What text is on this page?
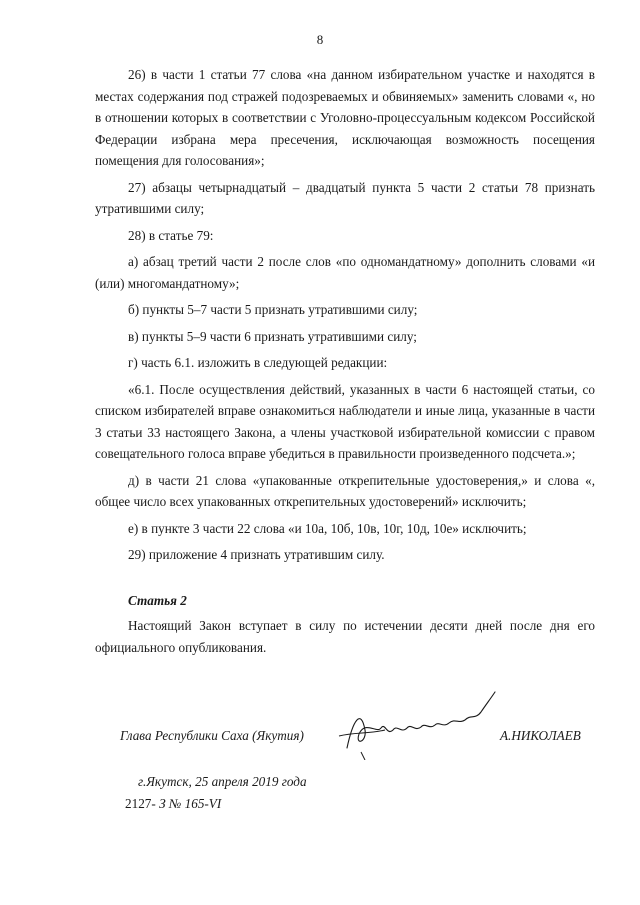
8

26) в части 1 статьи 77 слова «на данном избирательном участке и находятся в местах содержания под стражей подозреваемых и обвиняемых» заменить словами «, но в отношении которых в соответствии с Уголовно-процессуальным кодексом Российской Федерации избрана мера пресечения, исключающая возможность посещения помещения для голосования»;

27) абзацы четырнадцатый – двадцатый пункта 5 части 2 статьи 78 признать утратившими силу;

28) в статье 79:

а) абзац третий части 2 после слов «по одномандатному» дополнить словами «и (или) многомандатному»;

б) пункты 5–7 части 5 признать утратившими силу;

в) пункты 5–9 части 6 признать утратившими силу;

г) часть 6.1. изложить в следующей редакции:

«6.1. После осуществления действий, указанных в части 6 настоящей статьи, со списком избирателей вправе ознакомиться наблюдатели и иные лица, указанные в части 3 статьи 33 настоящего Закона, а члены участковой избирательной комиссии с правом совещательного голоса вправе убедиться в правильности произведенного подсчета.»;

д) в части 21 слова «упакованные открепительные удостоверения,» и слова «, общее число всех упакованных открепительных удостоверений» исключить;

е) в пункте 3 части 22 слова «и 10а, 10б, 10в, 10г, 10д, 10е» исключить;

29) приложение 4 признать утратившим силу.

Статья 2

Настоящий Закон вступает в силу по истечении десяти дней после дня его официального опубликования.

Глава Республики Саха (Якутия)	А.НИКОЛАЕВ
г.Якутск, 25 апреля 2019 года
2127- З № 165-VI
